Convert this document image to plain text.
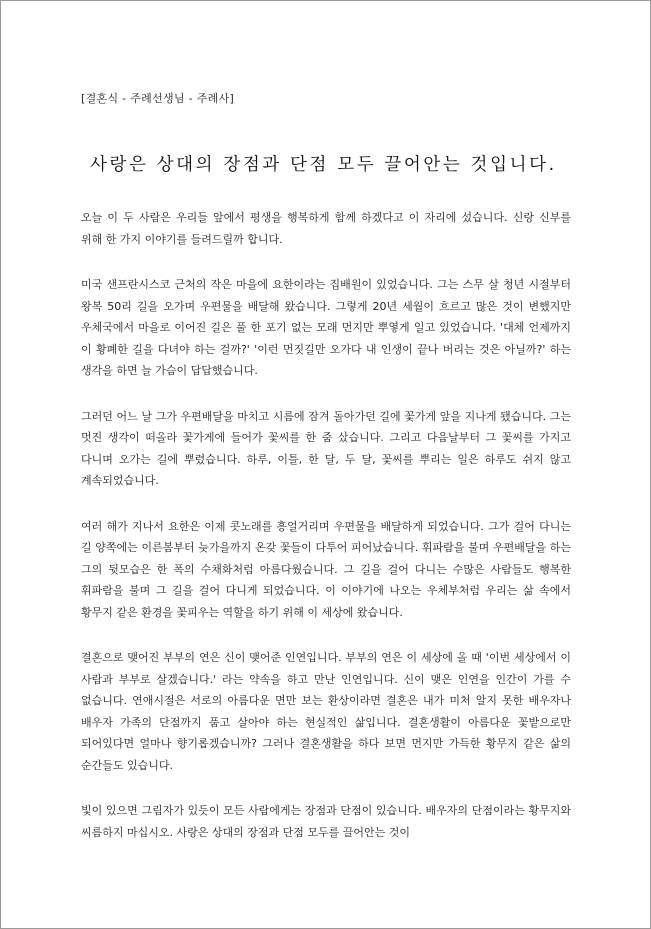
[결혼식 - 주례선생님 - 주례사]

사랑은 상대의 장점과 단점 모두 끌어안는 것입니다.

오늘 이 두 사람은 우리들 앞에서 평생을 행복하게 함께 하겠다고 이 자리에 섰습니다. 신랑 신부를 위해 한 가지 이야기를 들려드릴까 합니다.

미국 샌프란시스코 근처의 작은 마을에 요한이라는 집배원이 있었습니다. 그는 스무 살 청년 시절부터 왕복 50리 길을 오가며 우편물을 배달해 왔습니다. 그렇게 20년 세월이 흐르고 많은 것이 변했지만 우체국에서 마을로 이어진 길은 풀 한 포기 없는 모래 먼지만 뿌옇게 일고 있었습니다. '대체 언제까지 이 황폐한 길을 다녀야 하는 걸까?' '이런 먼짓길만 오가다 내 인생이 끝나 버리는 것은 아닐까?' 하는 생각을 하면 늘 가슴이 답답했습니다.

그러던 어느 날 그가 우편배달을 마치고 시름에 잠겨 돌아가던 길에 꽃가게 앞을 지나게 됐습니다. 그는 멋진 생각이 떠올라 꽃가게에 들어가 꽃씨를 한 줌 샀습니다. 그리고 다음날부터 그 꽃씨를 가지고 다니며 오가는 길에 뿌렸습니다. 하루, 이틀, 한 달, 두 달, 꽃씨를 뿌리는 일은 하루도 쉬지 않고 계속되었습니다.

여러 해가 지나서 요한은 이제 콧노래를 흥얼거리며 우편물을 배달하게 되었습니다. 그가 걸어 다니는 길 양쪽에는 이른봄부터 늦가을까지 온갖 꽃들이 다투어 피어났습니다. 휘파람을 불며 우편배달을 하는 그의 뒷모습은 한 폭의 수채화처럼 아름다웠습니다. 그 길을 걸어 다니는 수많은 사람들도 행복한 휘파람을 불며 그 길을 걸어 다니게 되었습니다. 이 이야기에 나오는 우체부처럼 우리는 삶 속에서 황무지 같은 환경을 꽃피우는 역할을 하기 위해 이 세상에 왔습니다.

결혼으로 맺어진 부부의 연은 신이 맺어준 인연입니다. 부부의 연은 이 세상에 올 때 '이번 세상에서 이 사람과 부부로 살겠습니다.' 라는 약속을 하고 만난 인연입니다. 신이 맺은 인연을 인간이 가를 수 없습니다. 연애시절은 서로의 아름다운 면만 보는 환상이라면 결혼은 내가 미처 알지 못한 배우자나 배우자 가족의 단점까지 품고 살아야 하는 현실적인 삶입니다. 결혼생활이 아름다운 꽃밭으로만 되어있다면 얼마나 향기롭겠습니까? 그러나 결혼생활을 하다 보면 먼지만 가득한 황무지 같은 삶의 순간들도 있습니다.

빛이 있으면 그림자가 있듯이 모든 사람에게는 장점과 단점이 있습니다. 배우자의 단점이라는 황무지와 씨름하지 마십시오. 사랑은 상대의 장점과 단점 모두를 끌어안는 것이
